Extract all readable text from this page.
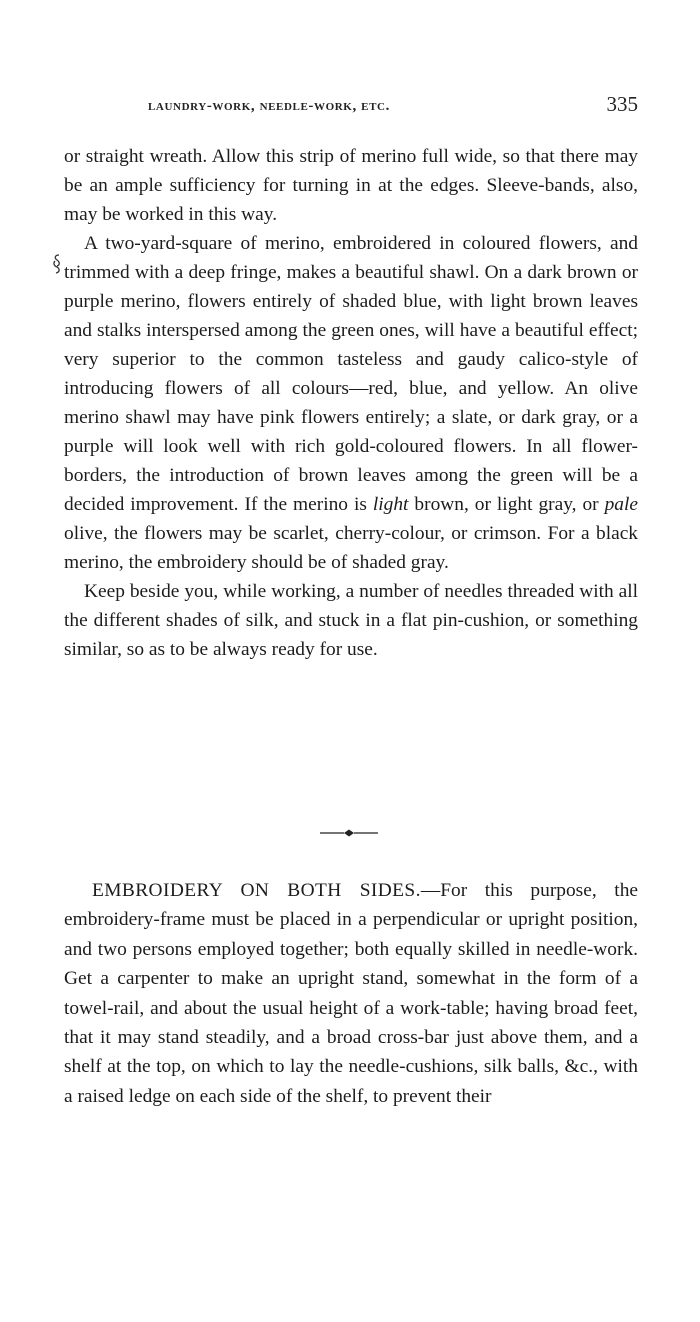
laundry-work, needle-work, etc.	335

or straight wreath. Allow this strip of merino full wide, so that there may be an ample sufficiency for turning in at the edges. Sleeve-bands, also, may be worked in this way.

A two-yard-square of merino, embroidered in coloured flowers, and trimmed with a deep fringe, makes a beautiful shawl. On a dark brown or purple merino, flowers entirely of shaded blue, with light brown leaves and stalks interspersed among the green ones, will have a beautiful effect; very superior to the common tasteless and gaudy calico-style of introducing flowers of all colours—red, blue, and yellow. An olive merino shawl may have pink flowers entirely; a slate, or dark gray, or a purple will look well with rich gold-coloured flowers. In all flower-borders, the introduction of brown leaves among the green will be a decided improvement. If the merino is light brown, or light gray, or pale olive, the flowers may be scarlet, cherry-colour, or crimson. For a black merino, the embroidery should be of shaded gray.

Keep beside you, while working, a number of needles threaded with all the different shades of silk, and stuck in a flat pin-cushion, or something similar, so as to be always ready for use.

EMBROIDERY ON BOTH SIDES.—For this purpose, the embroidery-frame must be placed in a perpendicular or upright position, and two persons employed together; both equally skilled in needle-work. Get a carpenter to make an upright stand, somewhat in the form of a towel-rail, and about the usual height of a work-table; having broad feet, that it may stand steadily, and a broad cross-bar just above them, and a shelf at the top, on which to lay the needle-cushions, silk balls, &c., with a raised ledge on each side of the shelf, to prevent their
